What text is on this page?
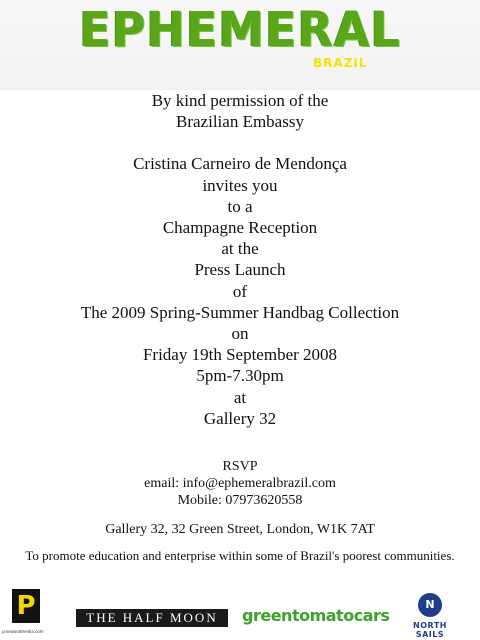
EPHEMERAL
BRAZIL
By kind permission of the
Brazilian Embassy
Cristina Carneiro de Mendonça
invites you
to a
Champagne Reception
at the
Press Launch
of
The 2009 Spring-Summer Handbag Collection
on
Friday 19th September 2008
5pm-7.30pm
at
Gallery 32
RSVP
email: info@ephemeralbrazil.com
Mobile: 07973620558
Gallery 32, 32 Green Street, London, W1K 7AT
To promote education and enterprise within some of Brazil's poorest communities.
P
pinewoodmedia.com
THE HALF MOON	greentomatocars
N
NORTH SAILS
